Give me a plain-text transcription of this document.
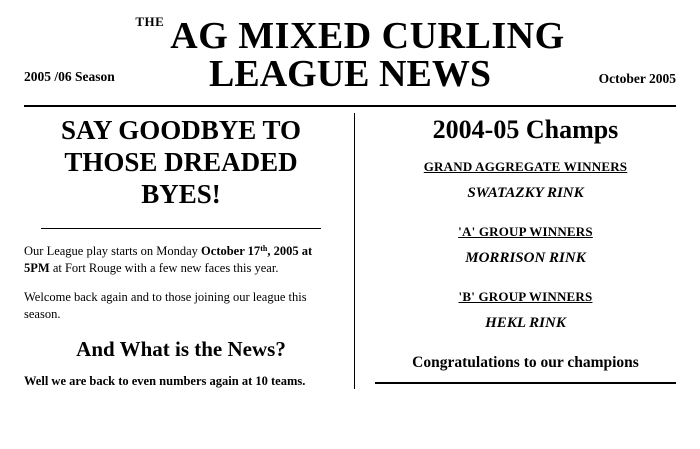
THE AG MIXED CURLING
LEAGUE NEWS
2005 /06 Season	October 2005
SAY GOODBYE TO THOSE DREADED BYES!

Our League play starts on Monday October 17th, 2005 at 5PM at Fort Rouge with a few new faces this year.

Welcome back again and to those joining our league this season.

And What is the News?

Well we are back to even numbers again at 10 teams.

2004-05 Champs
GRAND AGGREGATE WINNERS
SWATAZKY RINK
'A' GROUP WINNERS
MORRISON RINK
'B' GROUP WINNERS
HEKL RINK
Congratulations to our champions
